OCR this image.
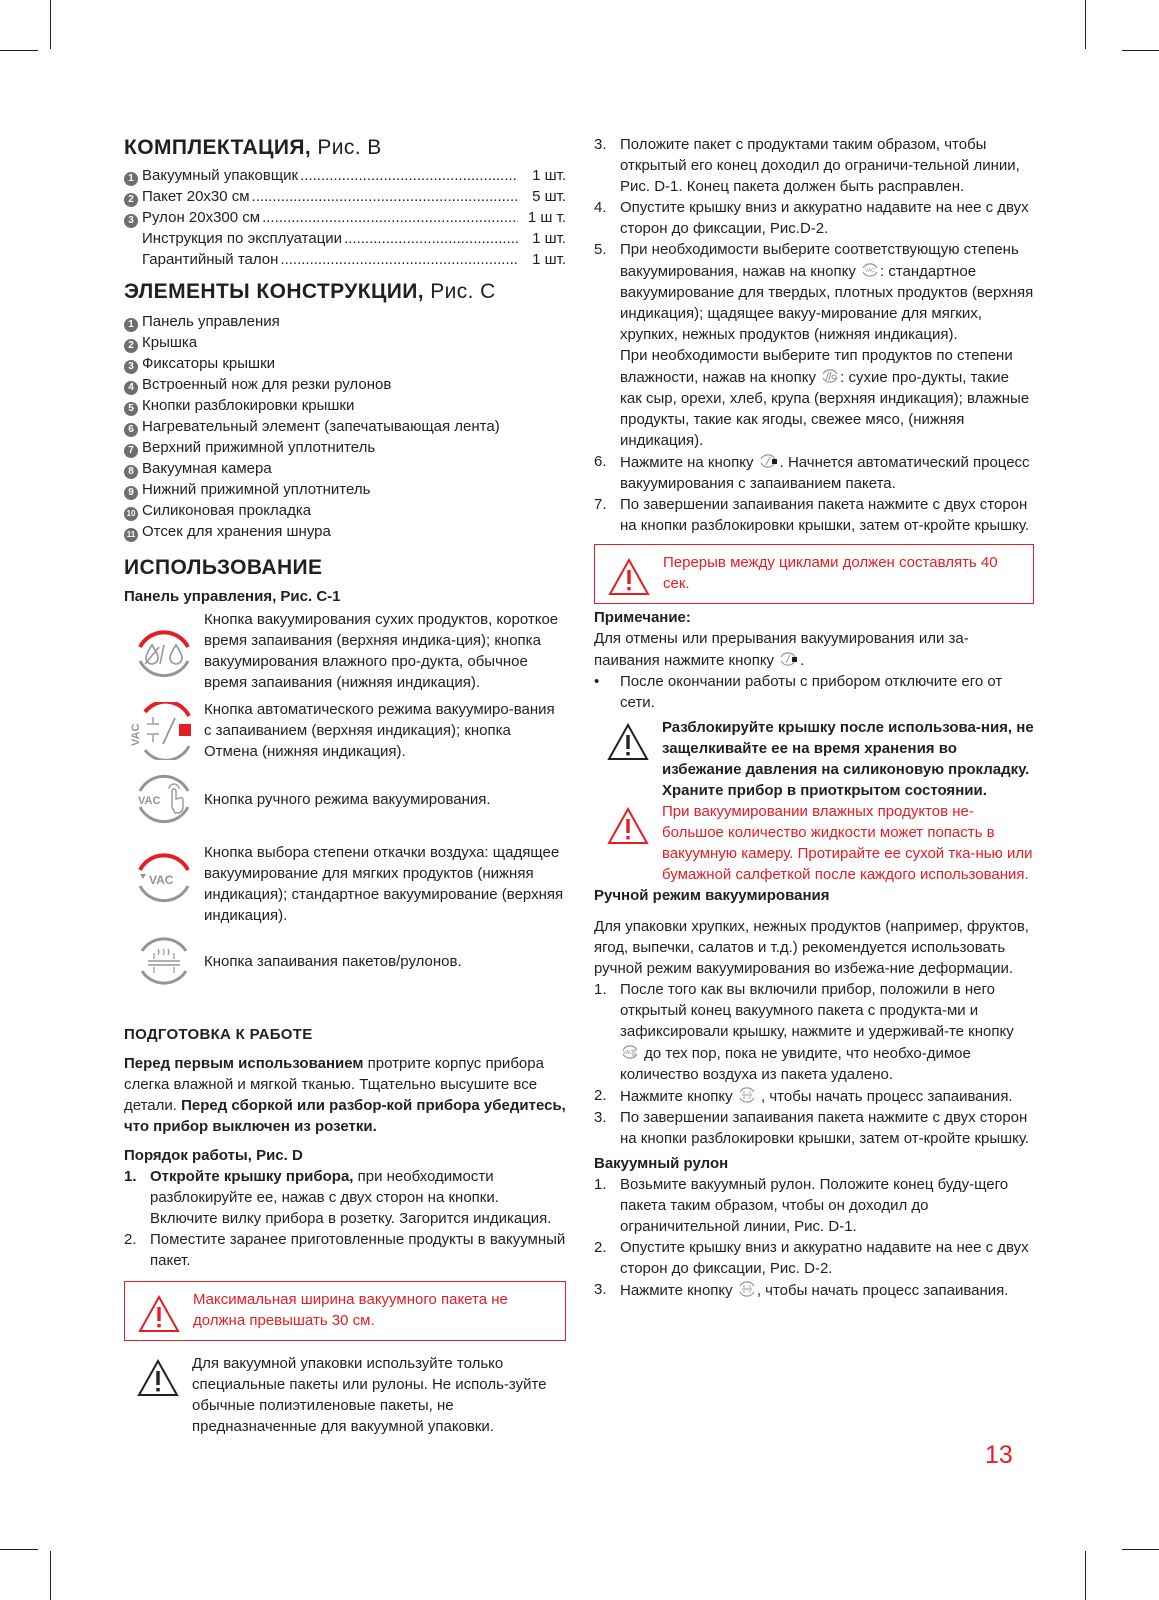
КОМПЛЕКТАЦИЯ, Рис. B
1 Вакуумный упаковщик .....	1 шт.
2 Пакет 20х30 см .....	5 шт.
3 Рулон 20х300 см .....	1 ш т.
Инструкция по эксплуатации .....	1 шт.
Гарантийный талон .....	1 шт.
ЭЛЕМЕНТЫ КОНСТРУКЦИИ, Рис. С
1 Панель управления
2 Крышка
3 Фиксаторы крышки
4 Встроенный нож для резки рулонов
5 Кнопки разблокировки крышки
6 Нагревательный элемент (запечатывающая лента)
7 Верхний прижимной уплотнитель
8 Вакуумная камера
9 Нижний прижимной уплотнитель
10 Силиконовая прокладка
11 Отсек для хранения шнура
ИСПОЛЬЗОВАНИЕ
Панель управления, Рис. С-1
Кнопка вакуумирования сухих продуктов, короткое время запаивания (верхняя индика-ция); кнопка вакуумирования влажного про-дукта, обычное время запаивания (нижняя индикация).
VAC
Кнопка автоматического режима вакуумиро-вания с запаиванием (верхняя индикация); кнопка Отмена (нижняя индикация).
VAC	Кнопка ручного режима вакуумирования.
VAC
Кнопка выбора степени откачки воздуха: щадящее вакуумирование для мягких продуктов (нижняя индикация); стандартное вакуумирование (верхняя индикация).
Кнопка запаивания пакетов/рулонов.
ПОДГОТОВКА К РАБОТЕ

Перед первым использованием протрите корпус прибора слегка влажной и мягкой тканью. Тщательно высушите все детали. Перед сборкой или разбор-кой прибора убедитесь, что прибор выключен из розетки.

Порядок работы, Рис. D
1. Откройте крышку прибора, при необходимости разблокируйте ее, нажав с двух сторон на кнопки. Включите вилку прибора в розетку. Загорится индикация.
2. Поместите заранее приготовленные продукты в вакуумный пакет.
Максимальная ширина вакуумного пакета не должна превышать 30 см.
Для вакуумной упаковки используйте только специальные пакеты или рулоны. Не исполь-зуйте обычные полиэтиленовые пакеты, не предназначенные для вакуумной упаковки.
3. Положите пакет с продуктами таким образом, чтобы открытый его конец доходил до ограничи-тельной линии, Рис. D-1. Конец пакета должен быть расправлен.
4. Опустите крышку вниз и аккуратно надавите на нее с двух сторон до фиксации, Рис.D-2.
5. При необходимости выберите соответствующую степень вакуумирования, нажав на кнопку VAC : стандартное вакуумирование для твердых, плотных продуктов (верхняя индикация); щадящее вакуу-мирование для мягких, хрупких, нежных продуктов (нижняя индикация).
При необходимости выберите тип продуктов по степени влажности, нажав на кнопку : сухие про-дукты, такие как сыр, орехи, хлеб, крупа (верхняя индикация); влажные продукты, такие как ягоды, свежее мясо, (нижняя индикация).
6. Нажмите на кнопку . Начнется автоматический процесс вакуумирования с запаиванием пакета.
7. По завершении запаивания пакета нажмите с двух сторон на кнопки разблокировки крышки, затем от-кройте крышку.
Перерыв между циклами должен составлять 40 сек.
Примечание:

Для отмены или прерывания вакуумирования или за-паивания нажмите кнопку .

•	После окончании работы с прибором отключите его от сети.
Разблокируйте крышку после использова-ния, не защелкивайте ее на время хранения во избежание давления на силиконовую прокладку. Храните прибор в приоткрытом состоянии.
При вакуумировании влажных продуктов не-большое количество жидкости может попасть в вакуумную камеру. Протирайте ее сухой тка-нью или бумажной салфеткой после каждого использования.
Ручной режим вакуумирования

Для упаковки хрупких, нежных продуктов (например, фруктов, ягод, выпечки, салатов и т.д.) рекомендуется использовать ручной режим вакуумирования во избежа-ние деформации.

1. После того как вы включили прибор, положили в него открытый конец вакуумного пакета с продукта-ми и зафиксировали крышку, нажмите и удерживай-те кнопку
VAC до тех пор, пока не увидите, что необхо-димое количество воздуха из пакета удалено.
2. Нажмите кнопку  , чтобы начать процесс запаивания.
3. По завершении запаивания пакета нажмите с двух сторон на кнопки разблокировки крышки, затем от-кройте крышку.
Вакуумный рулон
1. Возьмите вакуумный рулон. Положите конец буду-щего пакета таким образом, чтобы он доходил до ограничительной линии, Рис. D-1.
2. Опустите крышку вниз и аккуратно надавите на нее с двух сторон до фиксации, Рис. D-2.
3. Нажмите кнопку , чтобы начать процесс запаивания.
13
